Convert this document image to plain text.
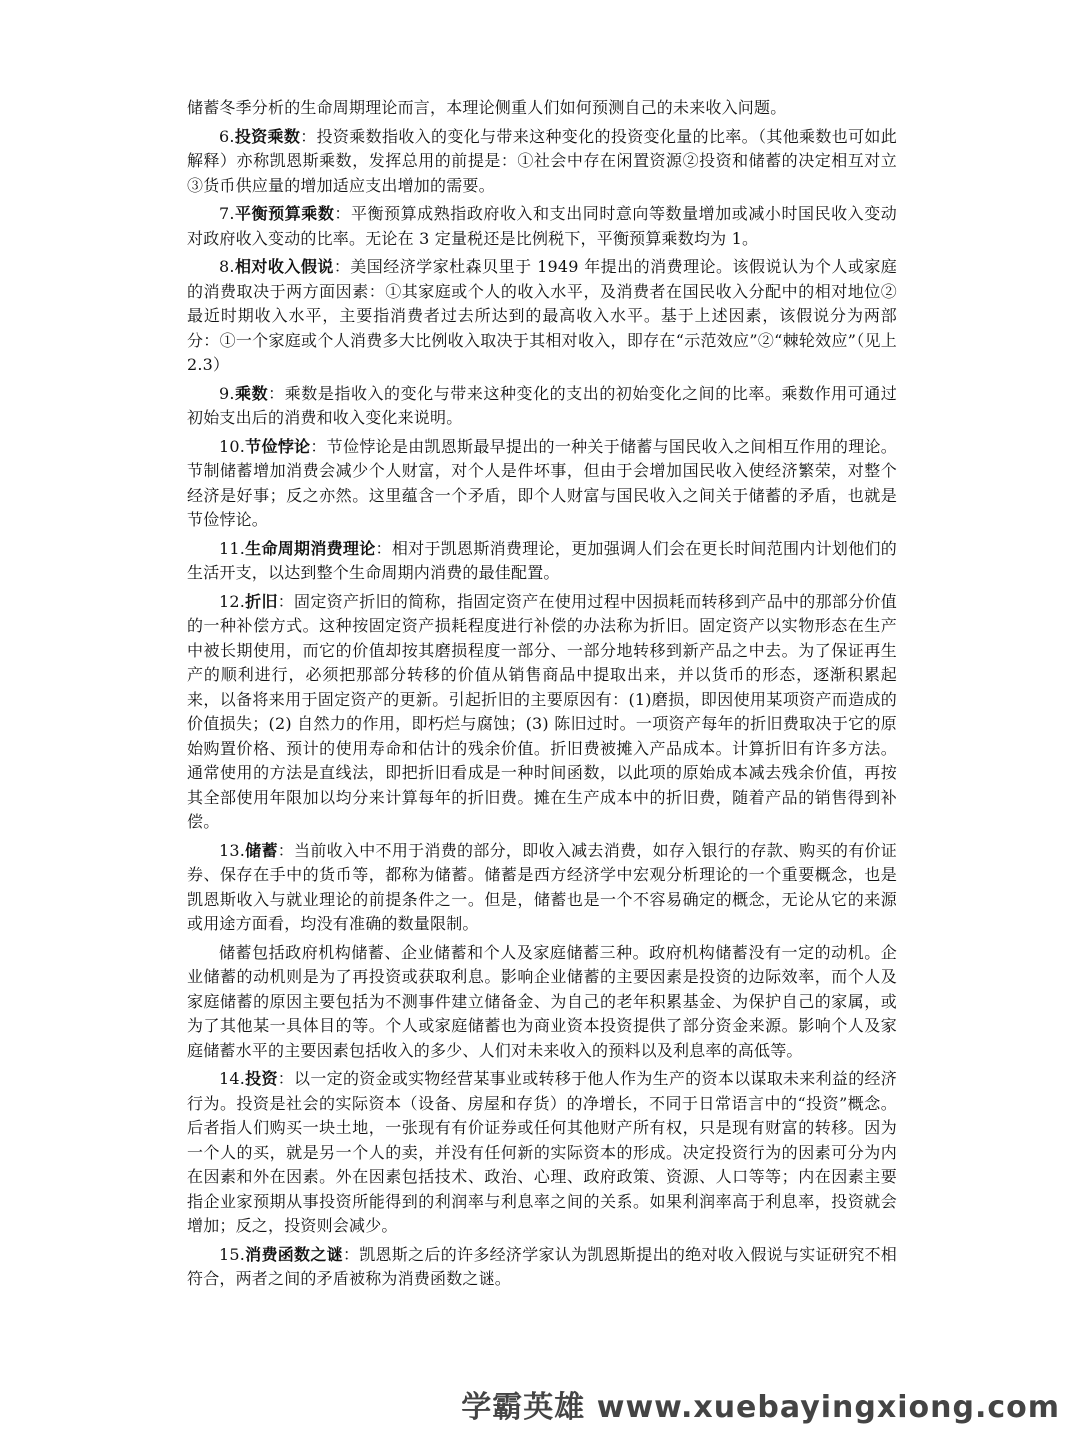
储蓄冬季分析的生命周期理论而言，本理论侧重人们如何预测自己的未来收入问题。

6.投资乘数：投资乘数指收入的变化与带来这种变化的投资变化量的比率。（其他乘数也可如此解释）亦称凯恩斯乘数，发挥总用的前提是：①社会中存在闲置资源②投资和储蓄的决定相互对立③货币供应量的增加适应支出增加的需要。

7.平衡预算乘数：平衡预算成熟指政府收入和支出同时意向等数量增加或减小时国民收入变动对政府收入变动的比率。无论在 3 定量税还是比例税下，平衡预算乘数均为 1。

8.相对收入假说：美国经济学家杜森贝里于 1949 年提出的消费理论。该假说认为个人或家庭的消费取决于两方面因素：①其家庭或个人的收入水平，及消费者在国民收入分配中的相对地位②最近时期收入水平，主要指消费者过去所达到的最高收入水平。基于上述因素，该假说分为两部分：①一个家庭或个人消费多大比例收入取决于其相对收入，即存在“示范效应”②“棘轮效应”（见上 2.3）

9.乘数：乘数是指收入的变化与带来这种变化的支出的初始变化之间的比率。乘数作用可通过初始支出后的消费和收入变化来说明。

10.节俭悖论：节俭悖论是由凯恩斯最早提出的一种关于储蓄与国民收入之间相互作用的理论。节制储蓄增加消费会减少个人财富，对个人是件坏事，但由于会增加国民收入使经济繁荣，对整个经济是好事；反之亦然。这里蕴含一个矛盾，即个人财富与国民收入之间关于储蓄的矛盾，也就是节俭悖论。

11.生命周期消费理论：相对于凯恩斯消费理论，更加强调人们会在更长时间范围内计划他们的生活开支，以达到整个生命周期内消费的最佳配置。

12.折旧：固定资产折旧的简称，指固定资产在使用过程中因损耗而转移到产品中的那部分价值的一种补偿方式。这种按固定资产损耗程度进行补偿的办法称为折旧。固定资产以实物形态在生产中被长期使用，而它的价值却按其磨损程度一部分、一部分地转移到新产品之中去。为了保证再生产的顺利进行，必须把那部分转移的价值从销售商品中提取出来，并以货币的形态，逐渐积累起来，以备将来用于固定资产的更新。引起折旧的主要原因有：(1)磨损，即因使用某项资产而造成的价值损失；(2) 自然力的作用，即朽烂与腐蚀；(3) 陈旧过时。一项资产每年的折旧费取决于它的原始购置价格、预计的使用寿命和估计的残余价值。折旧费被摊入产品成本。计算折旧有许多方法。通常使用的方法是直线法，即把折旧看成是一种时间函数，以此项的原始成本减去残余价值，再按其全部使用年限加以均分来计算每年的折旧费。摊在生产成本中的折旧费，随着产品的销售得到补偿。

13.储蓄：当前收入中不用于消费的部分，即收入减去消费，如存入银行的存款、购买的有价证券、保存在手中的货币等，都称为储蓄。储蓄是西方经济学中宏观分析理论的一个重要概念，也是凯恩斯收入与就业理论的前提条件之一。但是，储蓄也是一个不容易确定的概念，无论从它的来源或用途方面看，均没有准确的数量限制。

储蓄包括政府机构储蓄、企业储蓄和个人及家庭储蓄三种。政府机构储蓄没有一定的动机。企业储蓄的动机则是为了再投资或获取利息。影响企业储蓄的主要因素是投资的边际效率，而个人及家庭储蓄的原因主要包括为不测事件建立储备金、为自己的老年积累基金、为保护自己的家属，或为了其他某一具体目的等。个人或家庭储蓄也为商业资本投资提供了部分资金来源。影响个人及家庭储蓄水平的主要因素包括收入的多少、人们对未来收入的预料以及利息率的高低等。

14.投资：以一定的资金或实物经营某事业或转移于他人作为生产的资本以谋取未来利益的经济行为。投资是社会的实际资本（设备、房屋和存货）的净增长，不同于日常语言中的“投资”概念。后者指人们购买一块土地，一张现有有价证券或任何其他财产所有权，只是现有财富的转移。因为一个人的买，就是另一个人的卖，并没有任何新的实际资本的形成。决定投资行为的因素可分为内在因素和外在因素。外在因素包括技术、政治、心理、政府政策、资源、人口等等；内在因素主要指企业家预期从事投资所能得到的利润率与利息率之间的关系。如果利润率高于利息率，投资就会增加；反之，投资则会减少。

15.消费函数之谜：凯恩斯之后的许多经济学家认为凯恩斯提出的绝对收入假说与实证研究不相符合，两者之间的矛盾被称为消费函数之谜。

学霸英雄 www.xuebayingxiong.com
